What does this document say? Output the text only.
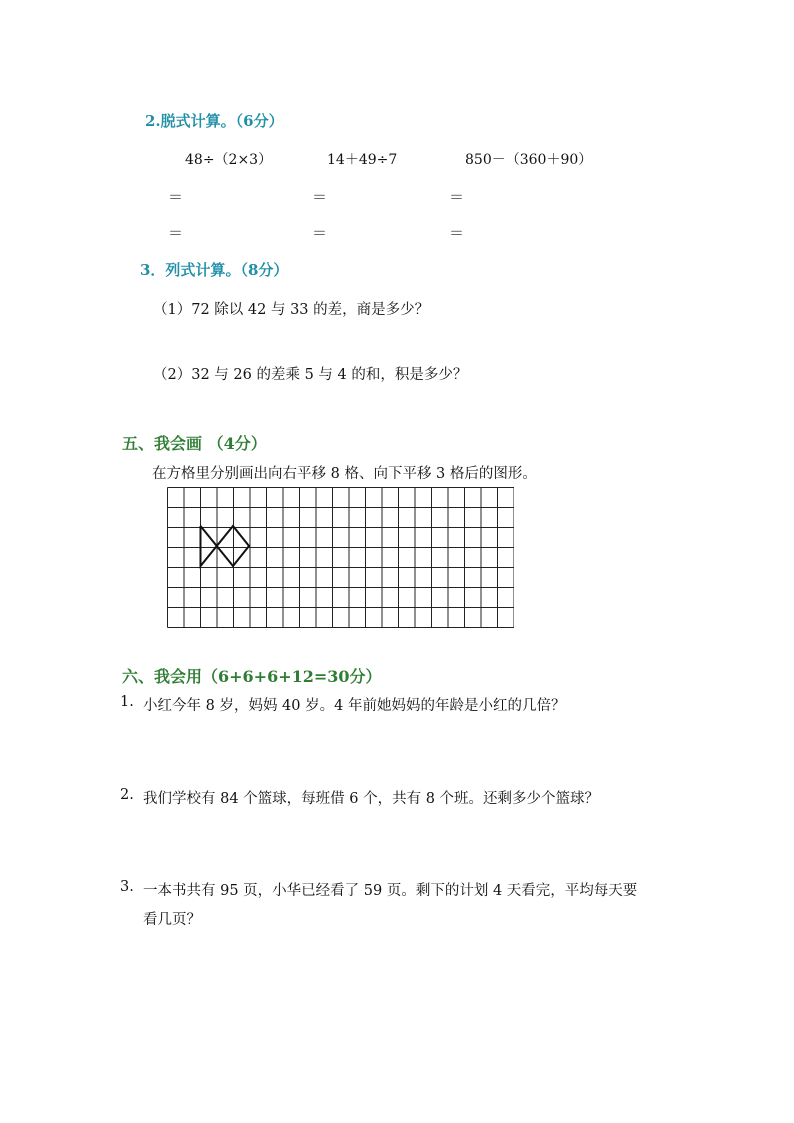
2.脱式计算。（6分）
48÷（2×3）	14＋49÷7	850－（360＋90）
＝	＝	＝
＝	＝	＝
3．列式计算。（8分）
（1）72 除以 42 与 33 的差，商是多少？
（2）32 与 26 的差乘 5 与 4 的和，积是多少？
五、我会画 （4分）
在方格里分别画出向右平移 8 格、向下平移 3 格后的图形。
六、我会用（6+6+6+12=30分）
1. 小红今年 8 岁，妈妈 40 岁。4 年前她妈妈的年龄是小红的几倍？
2. 我们学校有 84 个篮球，每班借 6 个，共有 8 个班。还剩多少个篮球？
3. 一本书共有 95 页，小华已经看了 59 页。剩下的计划 4 天看完，平均每天要
看几页？
